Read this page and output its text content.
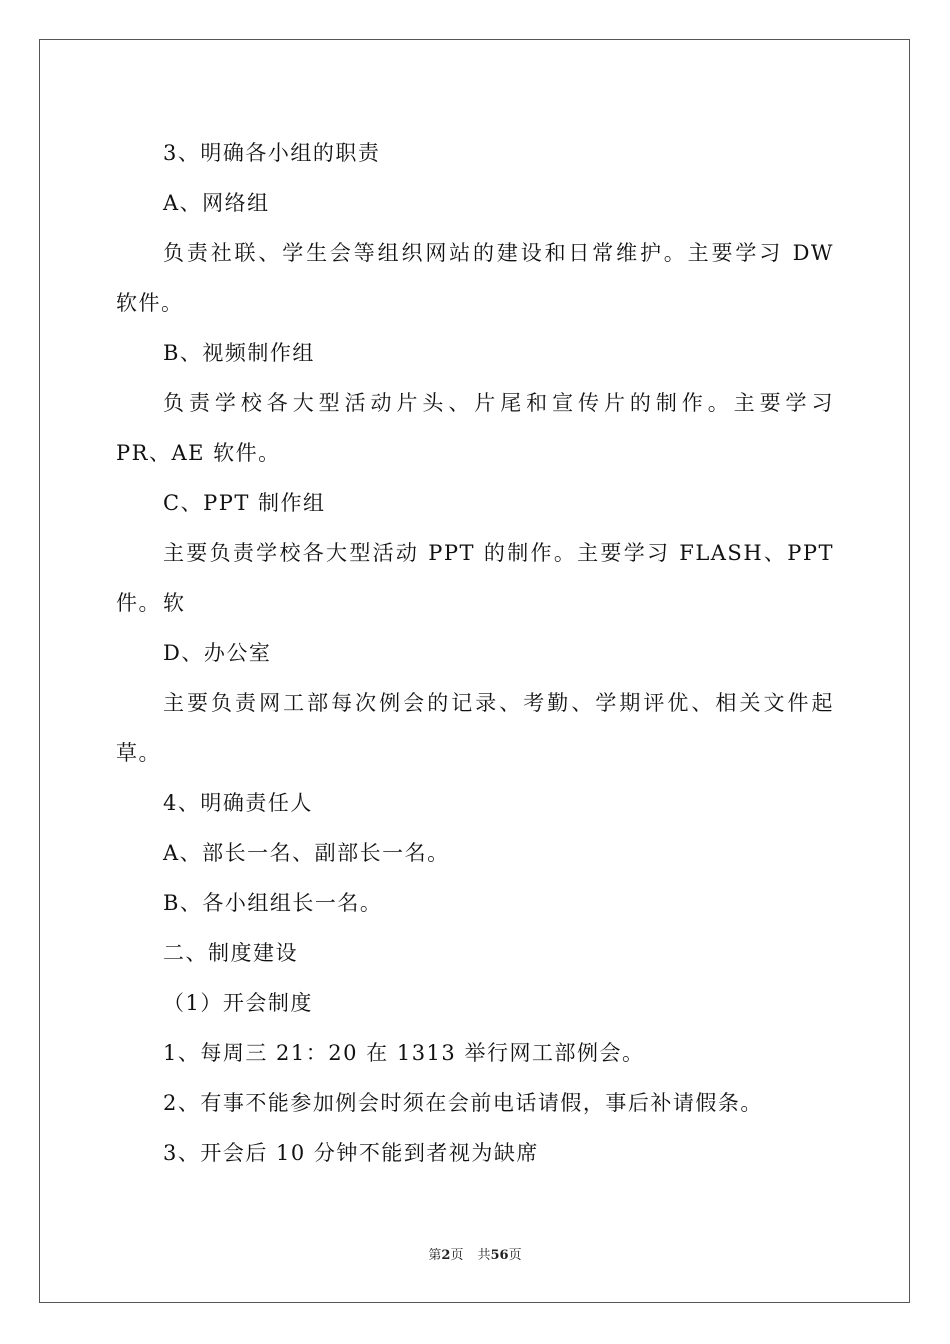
3、明确各小组的职责
A、网络组
负责社联、学生会等组织网站的建设和日常维护。主要学习 DW
软件。
B、视频制作组
负责学校各大型活动片头、片尾和宣传片的制作。主要学习
PR、AE 软件。
C、PPT 制作组
主要负责学校各大型活动 PPT 的制作。主要学习 FLASH、PPT 软
件。
D、办公室
主要负责网工部每次例会的记录、考勤、学期评优、相关文件起
草。
4、明确责任人
A、部长一名、副部长一名。
B、各小组组长一名。
二、制度建设
（1）开会制度
1、每周三 21：20 在 1313 举行网工部例会。
2、有事不能参加例会时须在会前电话请假，事后补请假条。
3、开会后 10 分钟不能到者视为缺席
第2页 共56页
